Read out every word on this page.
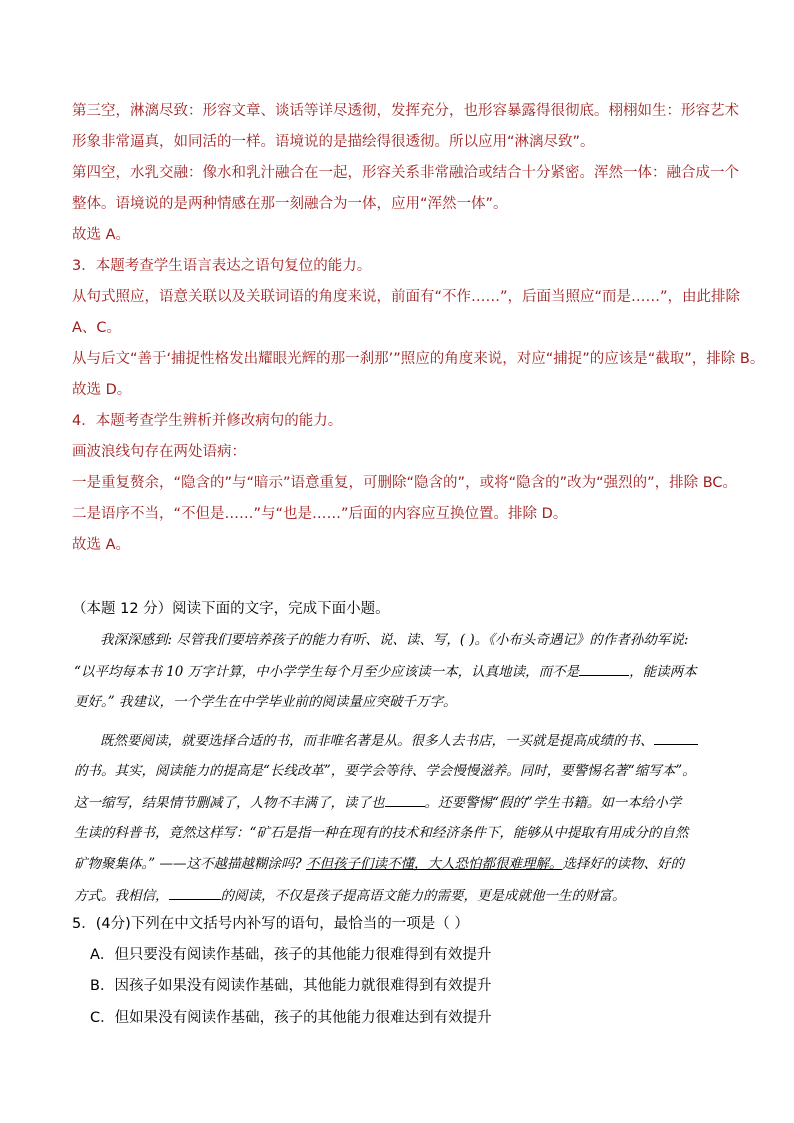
第三空，淋漓尽致：形容文章、谈话等详尽透彻，发挥充分，也形容暴露得很彻底。栩栩如生：形容艺术
形象非常逼真，如同活的一样。语境说的是描绘得很透彻。所以应用“淋漓尽致”。
第四空，水乳交融：像水和乳汁融合在一起，形容关系非常融洽或结合十分紧密。浑然一体：融合成一个
整体。语境说的是两种情感在那一刻融合为一体，应用“浑然一体”。
故选 A。
3．本题考查学生语言表达之语句复位的能力。
从句式照应，语意关联以及关联词语的角度来说，前面有“不作……”，后面当照应“而是……”，由此排除
A、C。
从与后文“善于‘捕捉性格发出耀眼光辉的那一刹那’”照应的角度来说，对应“捕捉”的应该是“截取”，排除 B。
故选 D。
4．本题考查学生辨析并修改病句的能力。
画波浪线句存在两处语病：
一是重复赘余，“隐含的”与“暗示”语意重复，可删除“隐含的”，或将“隐含的”改为“强烈的”，排除 BC。
二是语序不当，“不但是……”与“也是……”后面的内容应互换位置。排除 D。
故选 A。
（本题 12 分）阅读下面的文字，完成下面小题。
我深深感到: 尽管我们要培养孩子的能力有听、说、读、写，( )。《小布头奇遇记》的作者孙幼军说:
“以平均每本书 10 万字计算，中小学学生每个月至少应该读一本，认真地读，而不是	，能读两本
更好。” 我建议，一个学生在中学毕业前的阅读量应突破千万字。
既然要阅读，就要选择合适的书，而非唯名著是从。很多人去书店，一买就是提高成绩的书、
的书。其实，阅读能力的提高是“长线改革”，要学会等待、学会慢慢滋养。同时，要警惕名著“缩写本”。
这一缩写，结果情节删减了，人物不丰满了，读了也	。还要警惕“假的”学生书籍。如一本给小学
生读的科普书，竟然这样写：“矿石是指一种在现有的技术和经济条件下，能够从中提取有用成分的自然
矿物聚集体。” ——这不越描越糊涂吗? 不但孩子们读不懂，大人恐怕都很难理解。选择好的读物、好的
方式。我相信，	的阅读，不仅是孩子提高语文能力的需要，更是成就他一生的财富。
5．(4分)下列在中文括号内补写的语句，最恰当的一项是（ ）
A．但只要没有阅读作基础，孩子的其他能力很难得到有效提升
B．因孩子如果没有阅读作基础，其他能力就很难得到有效提升
C．但如果没有阅读作基础，孩子的其他能力很难达到有效提升
